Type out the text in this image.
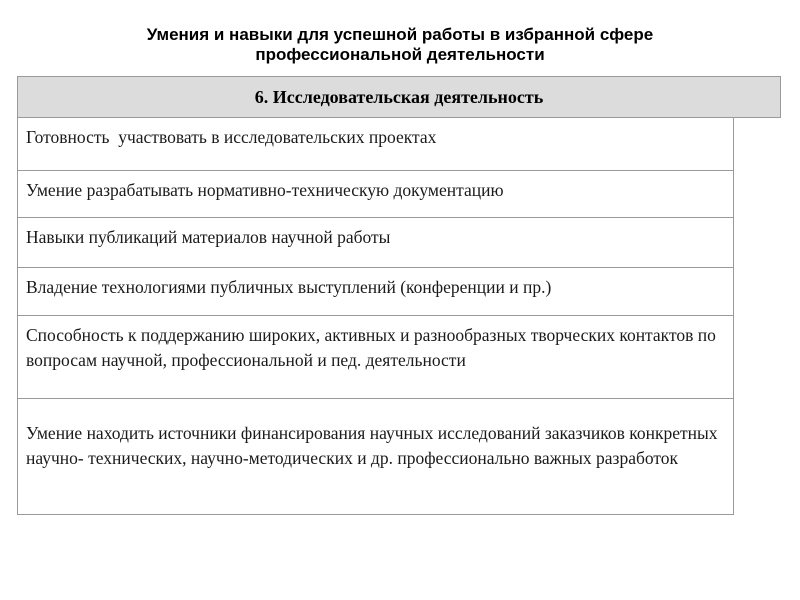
Умения и навыки для успешной работы в избранной сфере
профессиональной деятельности
6. Исследовательская деятельность
Готовность  участвовать в исследовательских проектах
Умение разрабатывать нормативно-техническую документацию
Навыки публикаций материалов научной работы
Владение технологиями публичных выступлений (конференции и пр.)
Способность к поддержанию широких, активных и разнообразных творческих контактов по вопросам научной, профессиональной и пед. деятельности
Умение находить источники финансирования научных исследований заказчиков конкретных научно- технических, научно-методических и др. профессионально важных разработок
